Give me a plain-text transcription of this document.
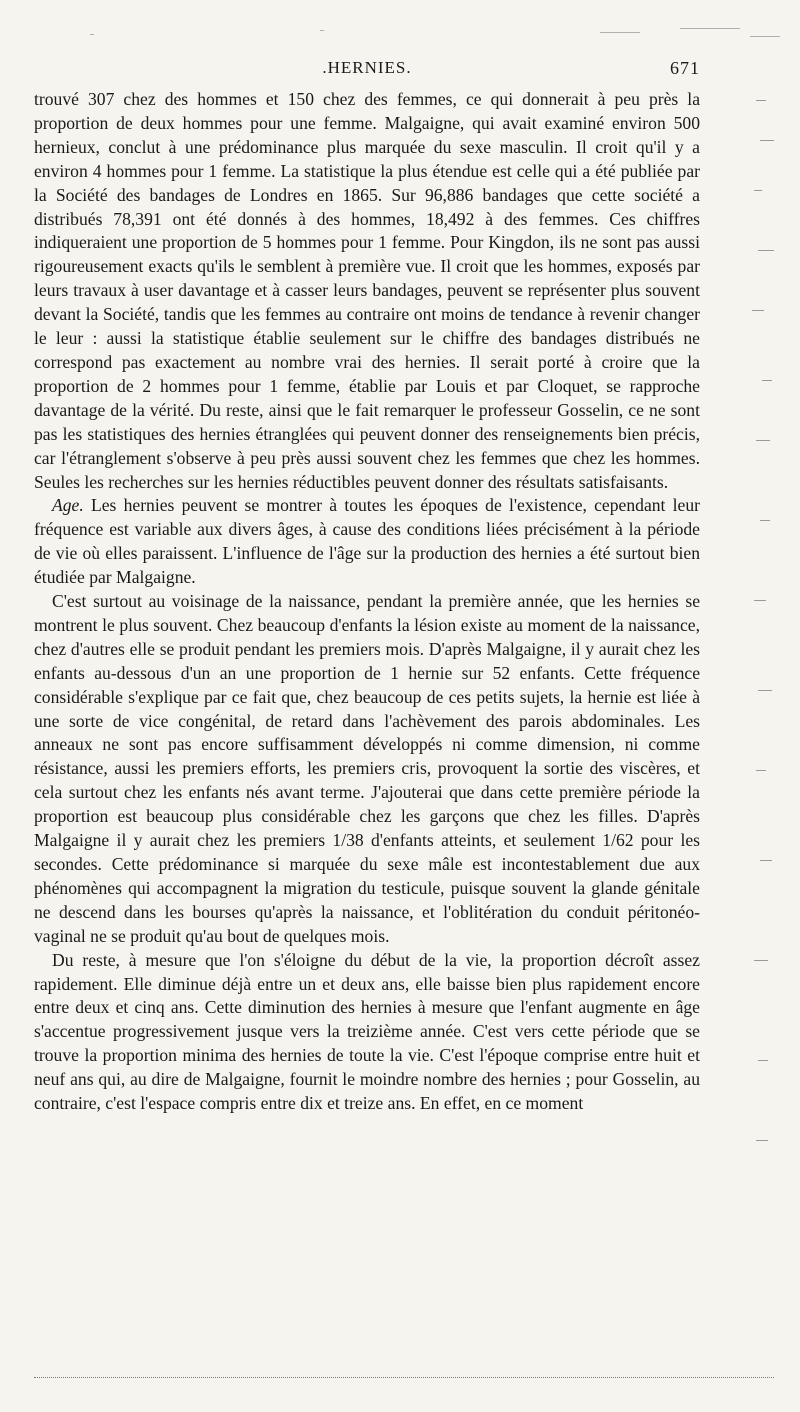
.HERNIES.	671

trouvé 307 chez des hommes et 150 chez des femmes, ce qui donnerait à peu près la proportion de deux hommes pour une femme. Malgaigne, qui avait examiné environ 500 hernieux, conclut à une prédominance plus marquée du sexe masculin. Il croit qu'il y a environ 4 hommes pour 1 femme. La statistique la plus étendue est celle qui a été publiée par la Société des bandages de Londres en 1865. Sur 96,886 bandages que cette société a distribués 78,391 ont été donnés à des hommes, 18,492 à des femmes. Ces chiffres indiqueraient une proportion de 5 hommes pour 1 femme. Pour Kingdon, ils ne sont pas aussi rigoureusement exacts qu'ils le semblent à première vue. Il croit que les hommes, exposés par leurs travaux à user davantage et à casser leurs bandages, peuvent se représenter plus souvent devant la Société, tandis que les femmes au contraire ont moins de tendance à revenir changer le leur : aussi la statistique établie seulement sur le chiffre des bandages distribués ne correspond pas exactement au nombre vrai des hernies. Il serait porté à croire que la proportion de 2 hommes pour 1 femme, établie par Louis et par Cloquet, se rapproche davantage de la vérité. Du reste, ainsi que le fait remarquer le professeur Gosselin, ce ne sont pas les statistiques des hernies étranglées qui peuvent donner des renseignements bien précis, car l'étranglement s'observe à peu près aussi souvent chez les femmes que chez les hommes. Seules les recherches sur les hernies réductibles peuvent donner des résultats satisfaisants.

Age. Les hernies peuvent se montrer à toutes les époques de l'existence, cependant leur fréquence est variable aux divers âges, à cause des conditions liées précisément à la période de vie où elles paraissent. L'influence de l'âge sur la production des hernies a été surtout bien étudiée par Malgaigne.

C'est surtout au voisinage de la naissance, pendant la première année, que les hernies se montrent le plus souvent. Chez beaucoup d'enfants la lésion existe au moment de la naissance, chez d'autres elle se produit pendant les premiers mois. D'après Malgaigne, il y aurait chez les enfants au-dessous d'un an une proportion de 1 hernie sur 52 enfants. Cette fréquence considérable s'explique par ce fait que, chez beaucoup de ces petits sujets, la hernie est liée à une sorte de vice congénital, de retard dans l'achèvement des parois abdominales. Les anneaux ne sont pas encore suffisamment développés ni comme dimension, ni comme résistance, aussi les premiers efforts, les premiers cris, provoquent la sortie des viscères, et cela surtout chez les enfants nés avant terme. J'ajouterai que dans cette première période la proportion est beaucoup plus considérable chez les garçons que chez les filles. D'après Malgaigne il y aurait chez les premiers 1/38 d'enfants atteints, et seulement 1/62 pour les secondes. Cette prédominance si marquée du sexe mâle est incontestablement due aux phénomènes qui accompagnent la migration du testicule, puisque souvent la glande génitale ne descend dans les bourses qu'après la naissance, et l'oblitération du conduit péritonéo-vaginal ne se produit qu'au bout de quelques mois.

Du reste, à mesure que l'on s'éloigne du début de la vie, la proportion décroît assez rapidement. Elle diminue déjà entre un et deux ans, elle baisse bien plus rapidement encore entre deux et cinq ans. Cette diminution des hernies à mesure que l'enfant augmente en âge s'accentue progressivement jusque vers la treizième année. C'est vers cette période que se trouve la proportion minima des hernies de toute la vie. C'est l'époque comprise entre huit et neuf ans qui, au dire de Malgaigne, fournit le moindre nombre des hernies ; pour Gosselin, au contraire, c'est l'espace compris entre dix et treize ans. En effet, en ce moment
